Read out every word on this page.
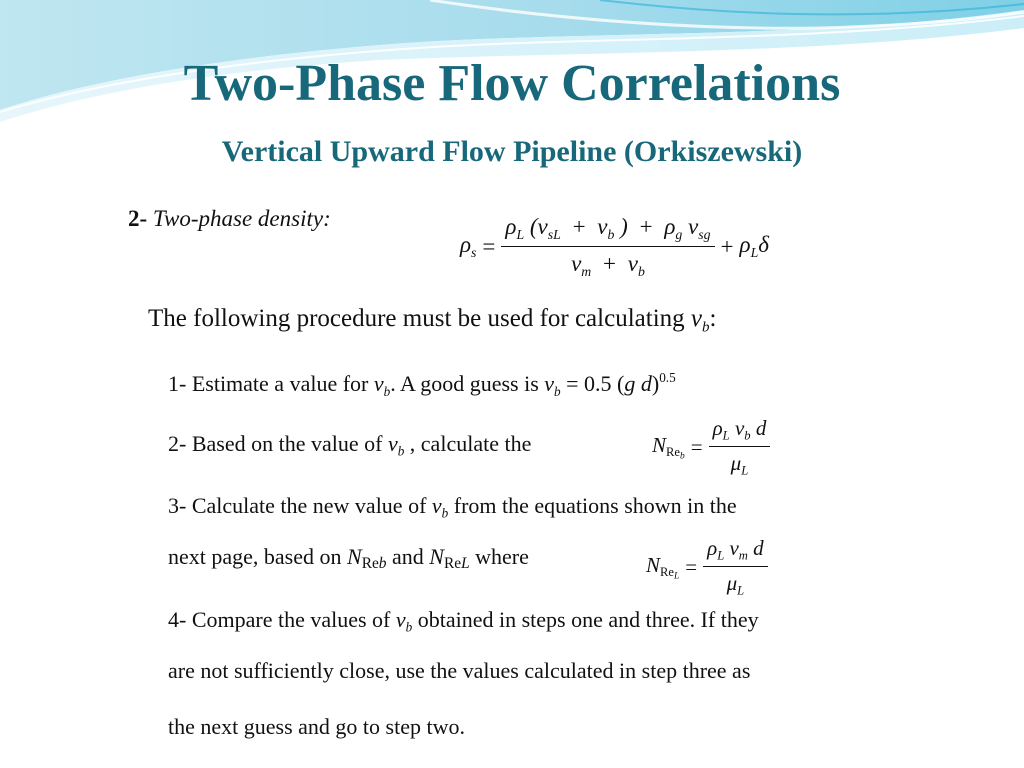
Two-Phase Flow Correlations
Vertical Upward Flow Pipeline (Orkiszewski)
2- Two-phase density:
$\rho_s$ =
$\rho_L$ ($v_{sL} + v_b$ ) + $\rho_g$ $v_{sg}$
$v_m + v_b$
+ $\rho_L\delta$
The following procedure must be used for calculating $v_b$:
1- Estimate a value for $v_b$. A good guess is $v_b = 0.5$ (g d)$^{0.5}$
2- Based on the value of $v_b$ , calculate the	$NRe_b = \frac{\rho_L v_b d}{\mu_L}$
3- Calculate the new value of $v_b$ from the equations shown in the
next page, based on NReb and NReL where	$NRe_L = \frac{\rho_L v_m d}{\mu_L}$
4- Compare the values of $v_b$ obtained in steps one and three. If they
are not sufficiently close, use the values calculated in step three as
the next guess and go to step two.
